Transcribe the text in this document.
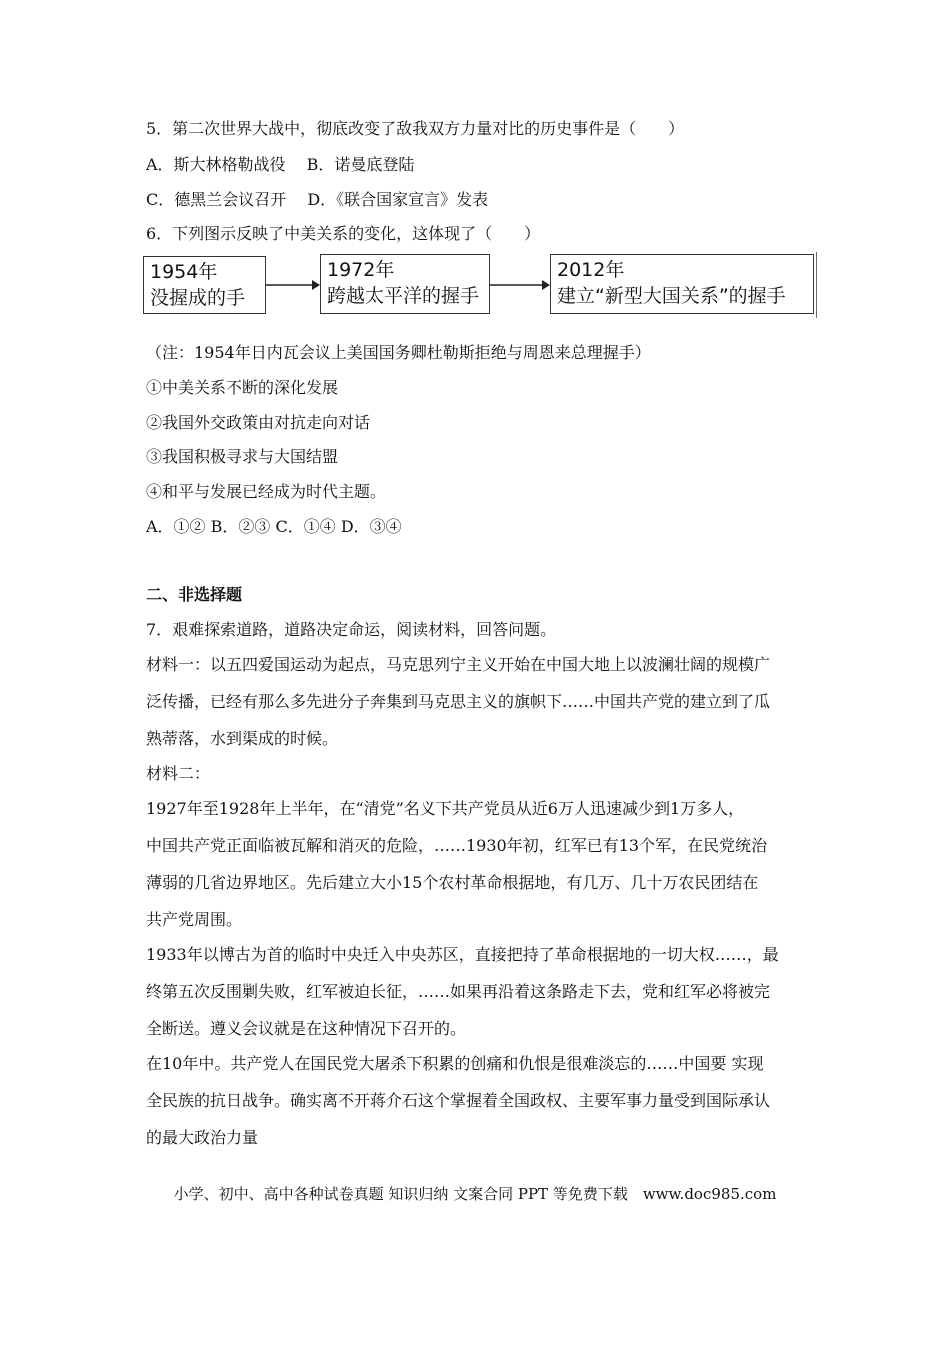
5．第二次世界大战中，彻底改变了敌我双方力量对比的历史事件是（　　）
A．斯大林格勒战役　 B．诺曼底登陆
C．德黑兰会议召开　 D．《联合国家宣言》发表
6．下列图示反映了中美关系的变化，这体现了（　　）
1954年
没握成的手
1972年
跨越太平洋的握手
2012年
建立“新型大国关系”的握手
（注：1954年日内瓦会议上美国国务卿杜勒斯拒绝与周恩来总理握手）
①中美关系不断的深化发展
②我国外交政策由对抗走向对话
③我国积极寻求与大国结盟
④和平与发展已经成为时代主题。
A．①② B．②③ C．①④ D．③④
二、非选择题
7．艰难探索道路，道路决定命运，阅读材料，回答问题。
材料一：以五四爱国运动为起点，马克思列宁主义开始在中国大地上以波澜壮阔的规模广
泛传播，已经有那么多先进分子奔集到马克思主义的旗帜下……中国共产党的建立到了瓜
熟蒂落，水到渠成的时候。
材料二：
1927年至1928年上半年，在“清党”名义下共产党员从近6万人迅速减少到1万多人，
中国共产党正面临被瓦解和消灭的危险，……1930年初，红军已有13个军，在民党统治
薄弱的几省边界地区。先后建立大小15个农村革命根据地，有几万、几十万农民团结在
共产党周围。
1933年以博古为首的临时中央迁入中央苏区，直接把持了革命根据地的一切大权……，最
终第五次反围剿失败，红军被迫长征，……如果再沿着这条路走下去，党和红军必将被完
全断送。遵义会议就是在这种情况下召开的。
在10年中。共产党人在国民党大屠杀下积累的创痛和仇恨是很难淡忘的……中国要 实现
全民族的抗日战争。确实离不开蒋介石这个掌握着全国政权、主要军事力量受到国际承认
的最大政治力量
小学、初中、高中各种试卷真题 知识归纳 文案合同 PPT 等免费下载　www.doc985.com
